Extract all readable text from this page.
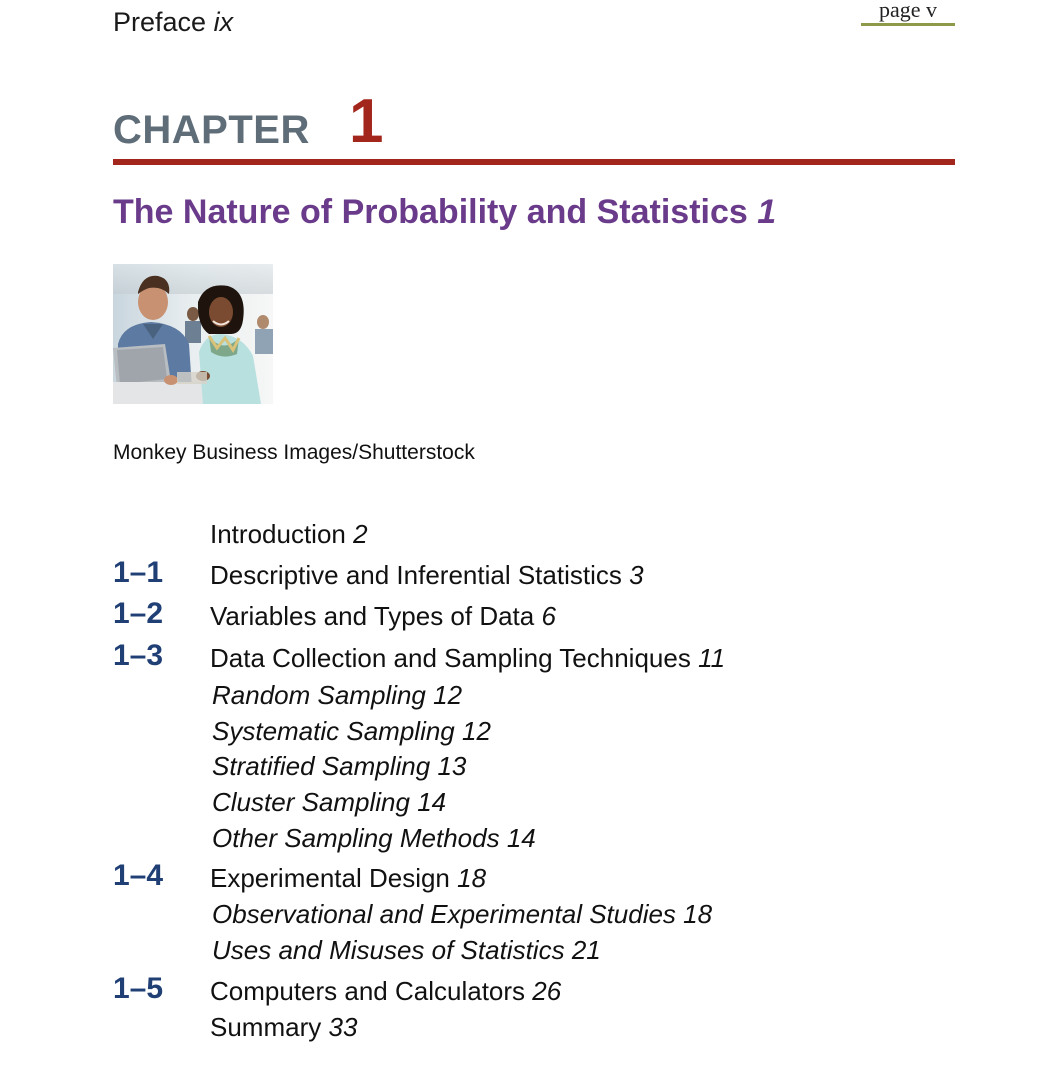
Preface ix	page v
CHAPTER 1
The Nature of Probability and Statistics 1
Monkey Business Images/Shutterstock
Introduction 2
1–1 Descriptive and Inferential Statistics 3
1–2 Variables and Types of Data 6
1–3 Data Collection and Sampling Techniques 11
Random Sampling 12
Systematic Sampling 12
Stratified Sampling 13
Cluster Sampling 14
Other Sampling Methods 14
1–4 Experimental Design 18
Observational and Experimental Studies 18
Uses and Misuses of Statistics 21
1–5 Computers and Calculators 26
Summary 33
